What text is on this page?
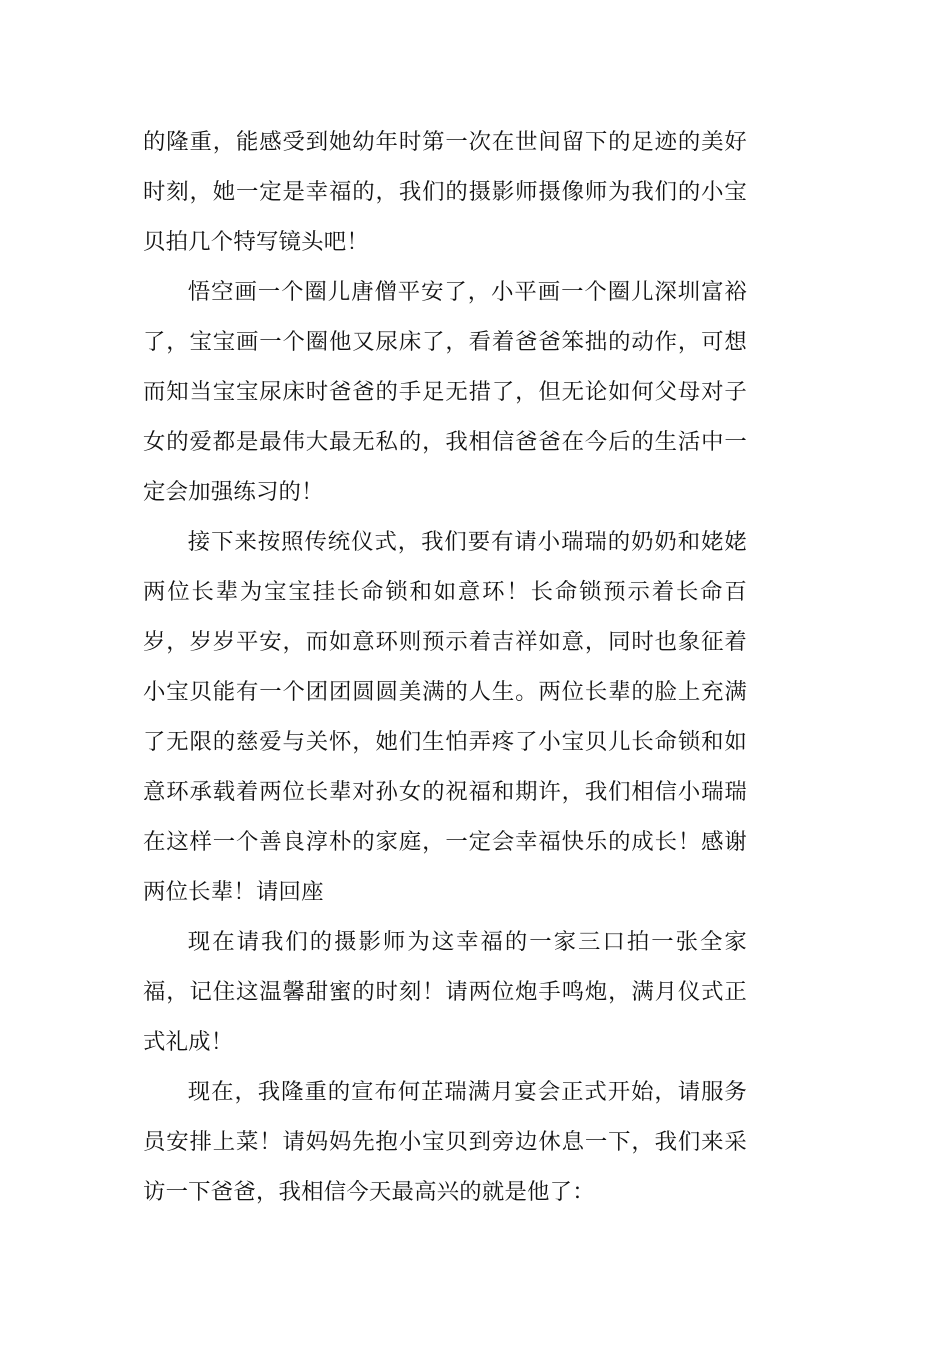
的隆重，能感受到她幼年时第一次在世间留下的足迹的美好时刻，她一定是幸福的，我们的摄影师摄像师为我们的小宝贝拍几个特写镜头吧！

悟空画一个圈儿唐僧平安了，小平画一个圈儿深圳富裕了，宝宝画一个圈他又尿床了，看着爸爸笨拙的动作，可想而知当宝宝尿床时爸爸的手足无措了，但无论如何父母对子女的爱都是最伟大最无私的，我相信爸爸在今后的生活中一定会加强练习的！

接下来按照传统仪式，我们要有请小瑞瑞的奶奶和姥姥两位长辈为宝宝挂长命锁和如意环！长命锁预示着长命百岁，岁岁平安，而如意环则预示着吉祥如意，同时也象征着小宝贝能有一个团团圆圆美满的人生。两位长辈的脸上充满了无限的慈爱与关怀，她们生怕弄疼了小宝贝儿长命锁和如意环承载着两位长辈对孙女的祝福和期许，我们相信小瑞瑞在这样一个善良淳朴的家庭，一定会幸福快乐的成长！感谢两位长辈！请回座

现在请我们的摄影师为这幸福的一家三口拍一张全家福，记住这温馨甜蜜的时刻！请两位炮手鸣炮，满月仪式正式礼成！

现在，我隆重的宣布何芷瑞满月宴会正式开始，请服务员安排上菜！请妈妈先抱小宝贝到旁边休息一下，我们来采访一下爸爸，我相信今天最高兴的就是他了：
